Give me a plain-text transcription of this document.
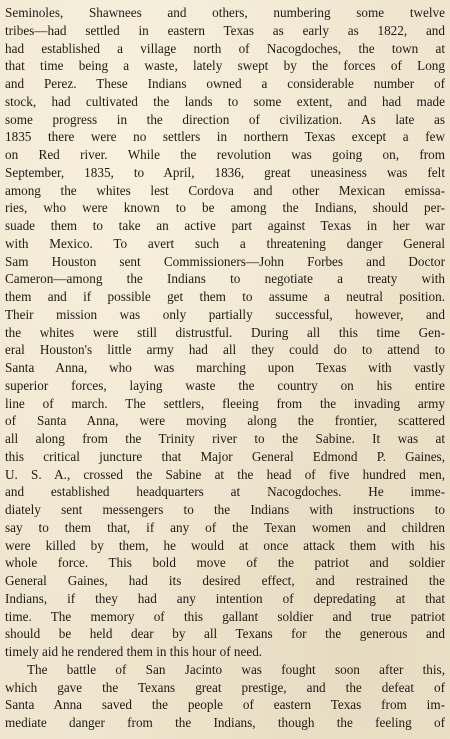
Seminoles, Shawnees and others, numbering some twelve
tribes—had settled in eastern Texas as early as 1822, and
had established a village north of Nacogdoches, the town at
that time being a waste, lately swept by the forces of Long
and Perez. These Indians owned a considerable number of
stock, had cultivated the lands to some extent, and had made
some progress in the direction of civilization. As late as
1835 there were no settlers in northern Texas except a few
on Red river. While the revolution was going on, from
September, 1835, to April, 1836, great uneasiness was felt
among the whites lest Cordova and other Mexican emissa-
ries, who were known to be among the Indians, should per-
suade them to take an active part against Texas in her war
with Mexico. To avert such a threatening danger General
Sam Houston sent Commissioners—John Forbes and Doctor
Cameron—among the Indians to negotiate a treaty with
them and if possible get them to assume a neutral position.
Their mission was only partially successful, however, and
the whites were still distrustful. During all this time Gen-
eral Houston's little army had all they could do to attend to
Santa Anna, who was marching upon Texas with vastly
superior forces, laying waste the country on his entire
line of march. The settlers, fleeing from the invading army
of Santa Anna, were moving along the frontier, scattered
all along from the Trinity river to the Sabine. It was at
this critical juncture that Major General Edmond P. Gaines,
U. S. A., crossed the Sabine at the head of five hundred men,
and established headquarters at Nacogdoches. He imme-
diately sent messengers to the Indians with instructions to
say to them that, if any of the Texan women and children
were killed by them, he would at once attack them with his
whole force. This bold move of the patriot and soldier
General Gaines, had its desired effect, and restrained the
Indians, if they had any intention of depredating at that
time. The memory of this gallant soldier and true patriot
should be held dear by all Texans for the generous and
timely aid he rendered them in this hour of need.
The battle of San Jacinto was fought soon after this,
which gave the Texans great prestige, and the defeat of
Santa Anna saved the people of eastern Texas from im-
mediate danger from the Indians, though the feeling of
